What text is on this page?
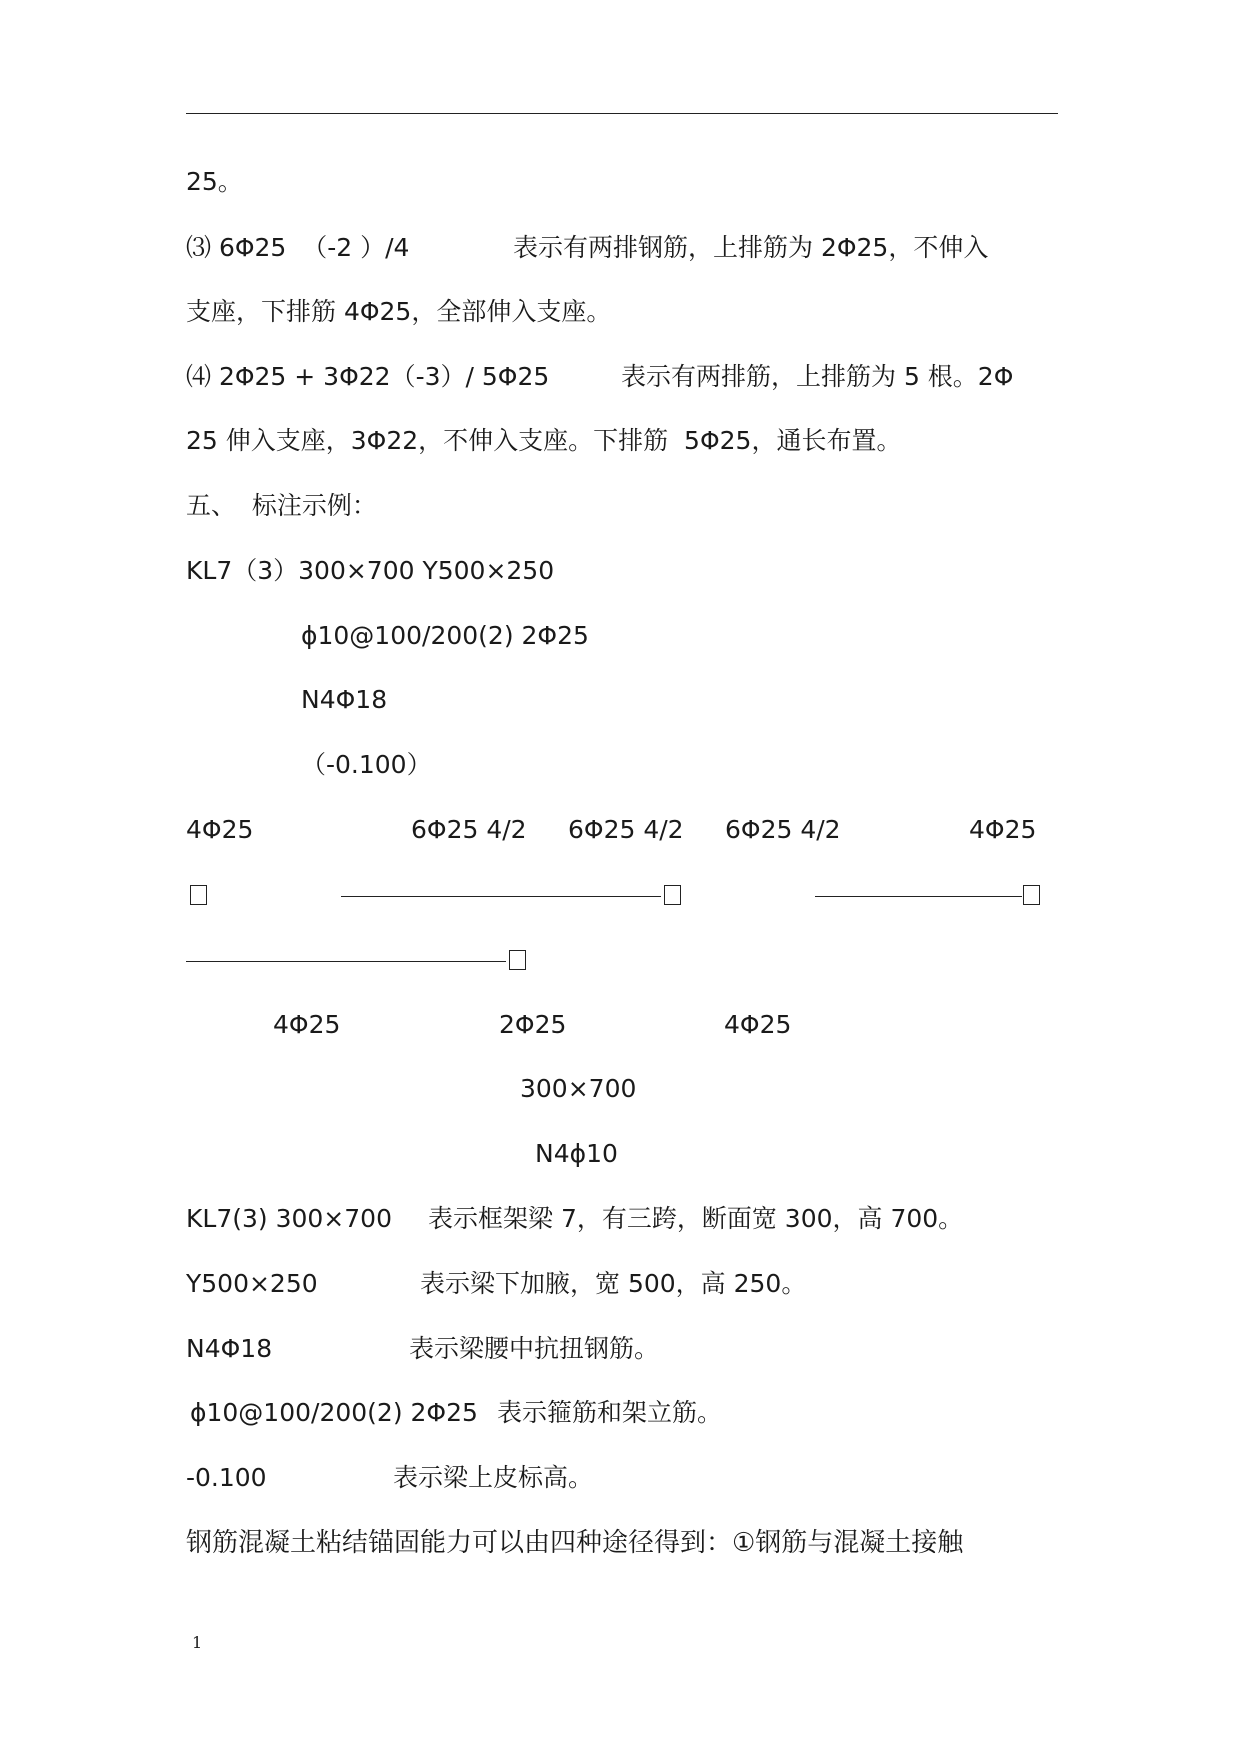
25。
⑶ 6Φ25  （-2 ）/4	表示有两排钢筋，上排筋为 2Φ25，不伸入
支座，下排筋 4Φ25，全部伸入支座。
⑷ 2Φ25 + 3Φ22（-3）/ 5Φ25	表示有两排筋，上排筋为 5 根。2Φ
25 伸入支座，3Φ22，不伸入支座。下排筋  5Φ25，通长布置。
五、  标注示例：
KL7（3）300×700 Y500×250
ϕ10@100/200(2) 2Φ25
N4Φ18
（-0.100）
4Φ25	6Φ25 4/2 6Φ25 4/2 6Φ25 4/2	4Φ25
4Φ25	2Φ25	4Φ25
300×700
N4ϕ10
KL7(3) 300×700 表示框架梁 7，有三跨，断面宽 300，高 700。
Y500×250	表示梁下加腋，宽 500，高 250。
N4Φ18	表示梁腰中抗扭钢筋。
ϕ10@100/200(2) 2Φ25 表示箍筋和架立筋。
-0.100	表示梁上皮标高。
钢筋混凝土粘结锚固能力可以由四种途径得到：①钢筋与混凝土接触
1
